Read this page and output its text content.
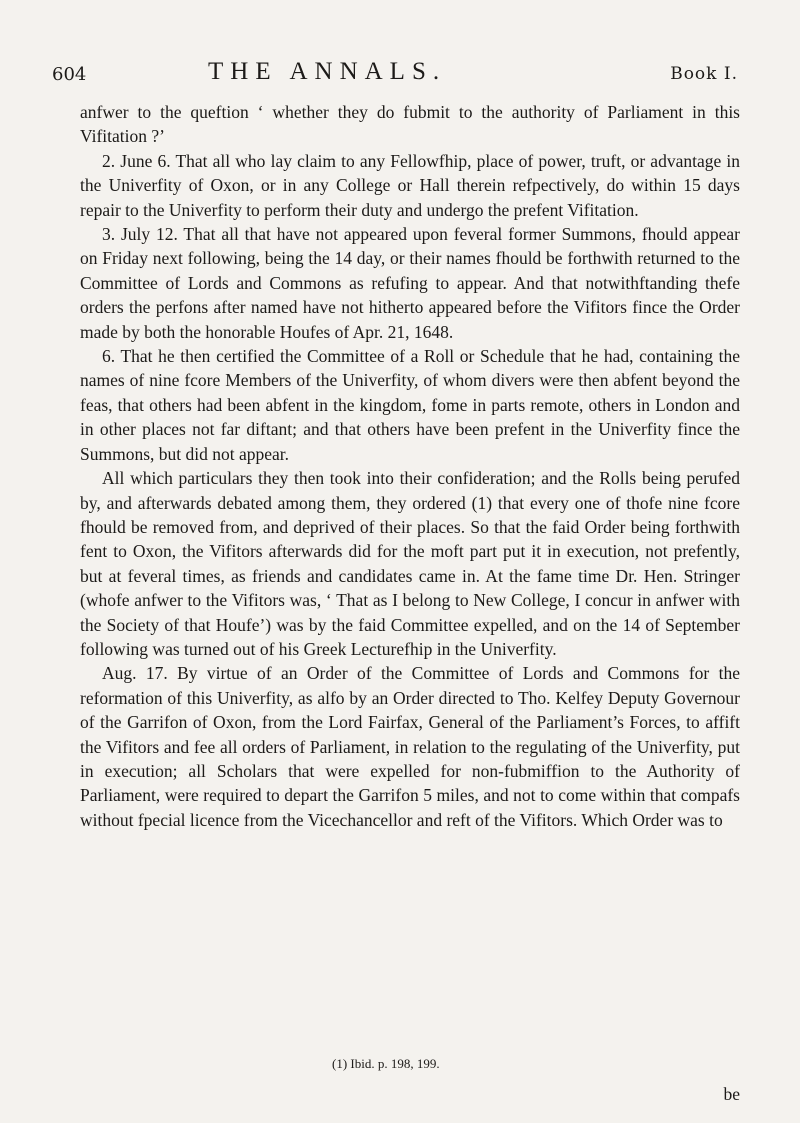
604	THE ANNALS.	Book I.

anfwer to the queftion ‘ whether they do fubmit to the authority of Parliament in this Vifitation ?’

2. June 6. That all who lay claim to any Fellowfhip, place of power, truft, or advantage in the Univerfity of Oxon, or in any College or Hall therein refpectively, do within 15 days repair to the Univerfity to perform their duty and undergo the prefent Vifitation.

3. July 12. That all that have not appeared upon feveral former Summons, fhould appear on Friday next following, being the 14 day, or their names fhould be forthwith returned to the Committee of Lords and Commons as refufing to appear. And that notwithftanding thefe orders the perfons after named have not hitherto appeared before the Vifitors fince the Order made by both the honorable Houfes of Apr. 21, 1648.

6. That he then certified the Committee of a Roll or Schedule that he had, containing the names of nine fcore Members of the Univerfity, of whom divers were then abfent beyond the feas, that others had been abfent in the kingdom, fome in parts remote, others in London and in other places not far diftant; and that others have been prefent in the Univerfity fince the Summons, but did not appear.

All which particulars they then took into their confideration; and the Rolls being perufed by, and afterwards debated among them, they ordered (1) that every one of thofe nine fcore fhould be removed from, and deprived of their places. So that the faid Order being forthwith fent to Oxon, the Vifitors afterwards did for the moft part put it in execution, not prefently, but at feveral times, as friends and candidates came in. At the fame time Dr. Hen. Stringer (whofe anfwer to the Vifitors was, ‘ That as I belong to New College, I concur in anfwer with the Society of that Houfe’) was by the faid Committee expelled, and on the 14 of September following was turned out of his Greek Lecturefhip in the Univerfity.

Aug. 17. By virtue of an Order of the Committee of Lords and Commons for the reformation of this Univerfity, as alfo by an Order directed to Tho. Kelfey Deputy Governour of the Garrifon of Oxon, from the Lord Fairfax, General of the Parliament’s Forces, to affift the Vifitors and fee all orders of Parliament, in relation to the regulating of the Univerfity, put in execution; all Scholars that were expelled for non-fubmiffion to the Authority of Parliament, were required to depart the Garrifon 5 miles, and not to come within that compafs without fpecial licence from the Vicechancellor and reft of the Vifitors. Which Order was to

(1) Ibid. p. 198, 199.
be
